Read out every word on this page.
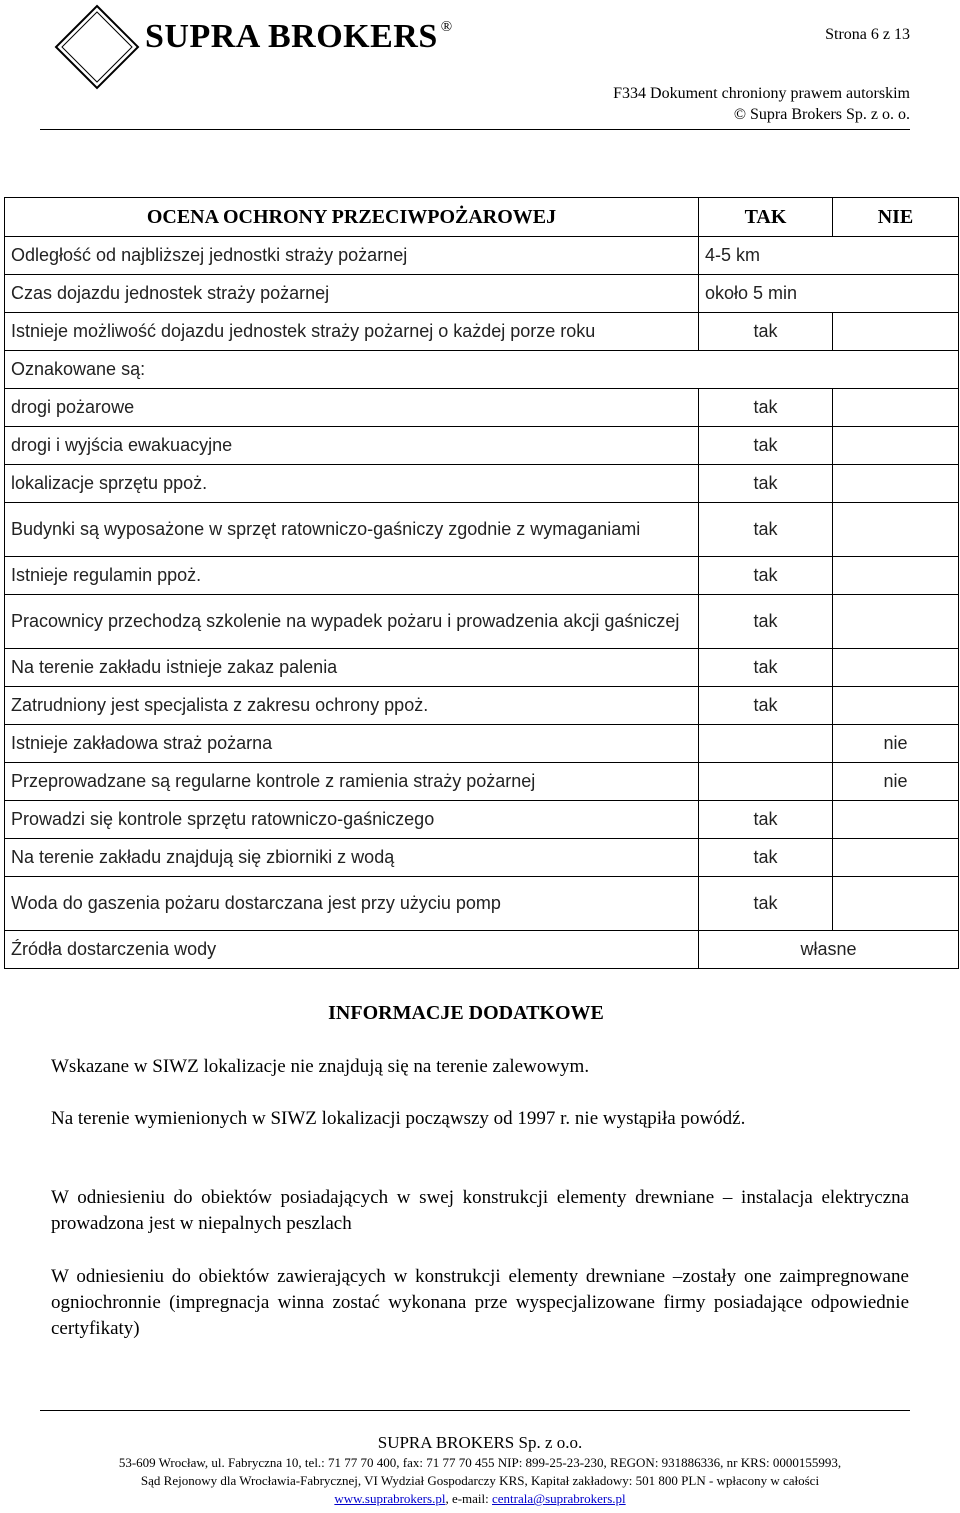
SUPRA BROKERS ®	Strona 6 z 13
F334 Dokument chroniony prawem autorskim
© Supra Brokers Sp. z o. o.
OCENA OCHRONY PRZECIWPOŻAROWEJ	TAK	NIE
Odległość od najbliższej jednostki straży pożarnej	4-5 km	
Czas dojazdu jednostek straży pożarnej	około 5 min	
Istnieje możliwość dojazdu jednostek straży pożarnej o każdej porze roku	tak	
Oznakowane są:		
drogi pożarowe	tak	
drogi i wyjścia ewakuacyjne	tak	
lokalizacje sprzętu ppoż.	tak	
Budynki są wyposażone w sprzęt ratowniczo-gaśniczy zgodnie z wymaganiami	tak	
Istnieje regulamin ppoż.	tak	
Pracownicy przechodzą szkolenie na wypadek pożaru i prowadzenia akcji gaśniczej	tak	
Na terenie zakładu istnieje zakaz palenia	tak	
Zatrudniony jest specjalista z zakresu ochrony ppoż.	tak	
Istnieje zakładowa straż pożarna		nie
Przeprowadzane są regularne kontrole z ramienia straży pożarnej		nie
Prowadzi się kontrole sprzętu ratowniczo-gaśniczego	tak	
Na terenie zakładu znajdują się zbiorniki z wodą	tak	
Woda do gaszenia pożaru dostarczana jest przy użyciu pomp	tak	
Źródła dostarczenia wody	własne	
INFORMACJE DODATKOWE
Wskazane w SIWZ lokalizacje nie znajdują się na terenie zalewowym.
Na terenie wymienionych w SIWZ lokalizacji począwszy od 1997 r. nie wystąpiła powódź.
W odniesieniu do obiektów posiadających w swej konstrukcji elementy drewniane – instalacja elektryczna prowadzona jest w niepalnych peszlach
W odniesieniu do obiektów zawierających w konstrukcji elementy drewniane –zostały one zaimpregnowane ogniochronnie (impregnacja winna zostać wykonana prze wyspecjalizowane firmy posiadające odpowiednie certyfikaty)
SUPRA BROKERS Sp. z o.o.
53-609 Wrocław, ul. Fabryczna 10, tel.: 71 77 70 400, fax: 71 77 70 455 NIP: 899-25-23-230, REGON: 931886336, nr KRS: 0000155993,
Sąd Rejonowy dla Wrocławia-Fabrycznej, VI Wydział Gospodarczy KRS, Kapitał zakładowy: 501 800 PLN - wpłacony w całości
www.suprabrokers.pl, e-mail: centrala@suprabrokers.pl
